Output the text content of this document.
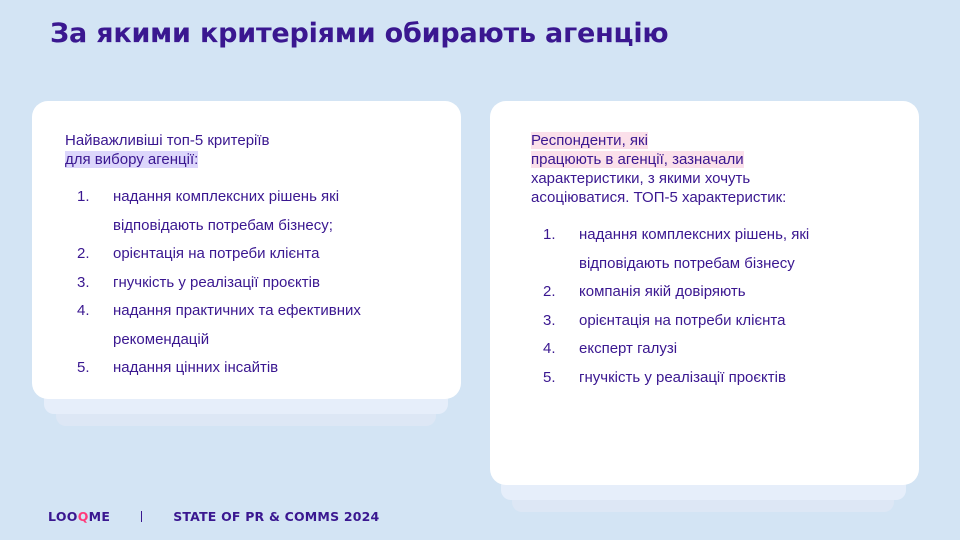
За якими критеріями обирають агенцію
Найважливіші топ-5 критеріїв
для вибору агенції:
1.	надання комплексних рішень які
відповідають потребам бізнесу;
2.	орієнтація на потреби клієнта
3.	гнучкість у реалізації проєктів
4.	надання практичних та ефективних
рекомендацій
5.	надання цінних інсайтів
Респонденти, які
працюють в агенції, зазначали
характеристики, з якими хочуть
асоціюватися. ТОП-5 характеристик:
1.	надання комплексних рішень, які
відповідають потребам бізнесу
2.	компанія якій довіряють
3.	орієнтація на потреби клієнта
4.	експерт галузі
5.	гнучкість у реалізації проєктів
LOOQME	STATE OF PR & COMMS 2024
